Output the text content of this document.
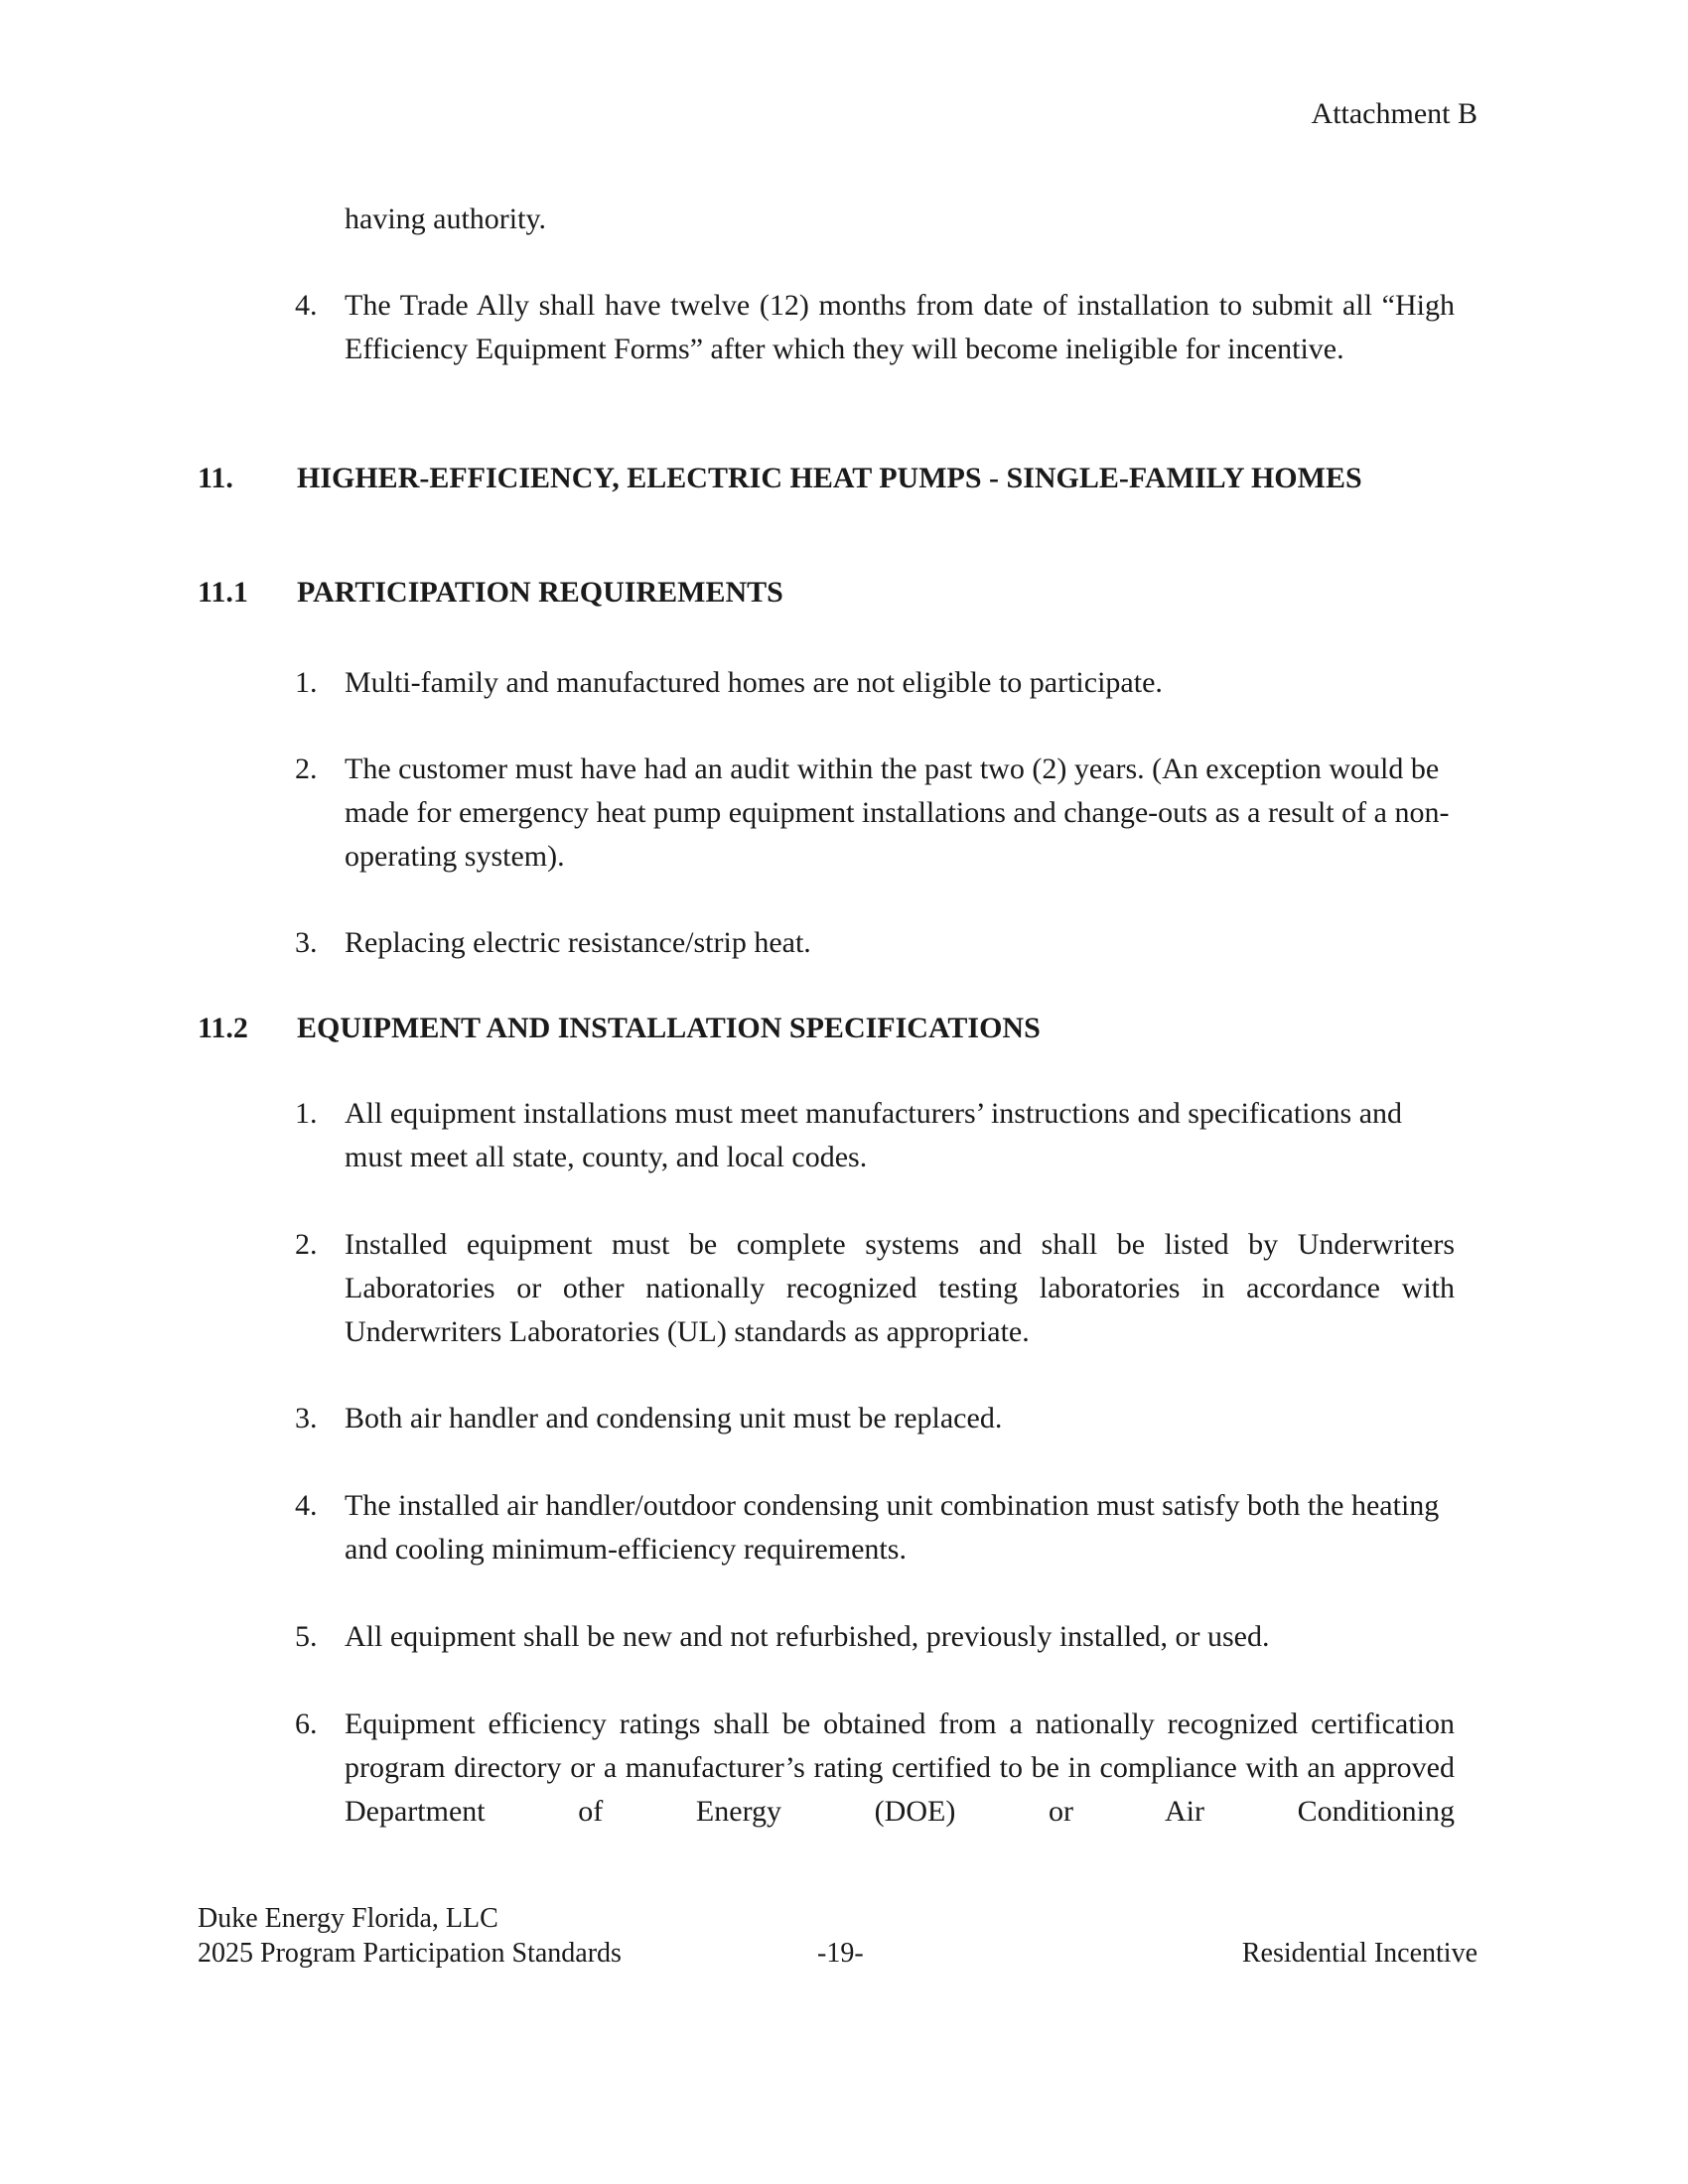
Attachment B
having authority.
4. The Trade Ally shall have twelve (12) months from date of installation to submit all “High Efficiency Equipment Forms” after which they will become ineligible for incentive.
11.	HIGHER-EFFICIENCY, ELECTRIC HEAT PUMPS - SINGLE-FAMILY HOMES
11.1	PARTICIPATION REQUIREMENTS
1. Multi-family and manufactured homes are not eligible to participate.
2. The customer must have had an audit within the past two (2) years. (An exception would be made for emergency heat pump equipment installations and change-outs as a result of a non-operating system).
3. Replacing electric resistance/strip heat.
11.2	EQUIPMENT AND INSTALLATION SPECIFICATIONS
1. All equipment installations must meet manufacturers’ instructions and specifications and must meet all state, county, and local codes.
2. Installed equipment must be complete systems and shall be listed by Underwriters Laboratories or other nationally recognized testing laboratories in accordance with Underwriters Laboratories (UL) standards as appropriate.
3. Both air handler and condensing unit must be replaced.
4. The installed air handler/outdoor condensing unit combination must satisfy both the heating and cooling minimum-efficiency requirements.
5. All equipment shall be new and not refurbished, previously installed, or used.
6. Equipment efficiency ratings shall be obtained from a nationally recognized certification program directory or a manufacturer’s rating certified to be in compliance with an approved Department of Energy (DOE) or Air Conditioning
Duke Energy Florida, LLC
2025 Program Participation Standards	-19-	Residential Incentive
